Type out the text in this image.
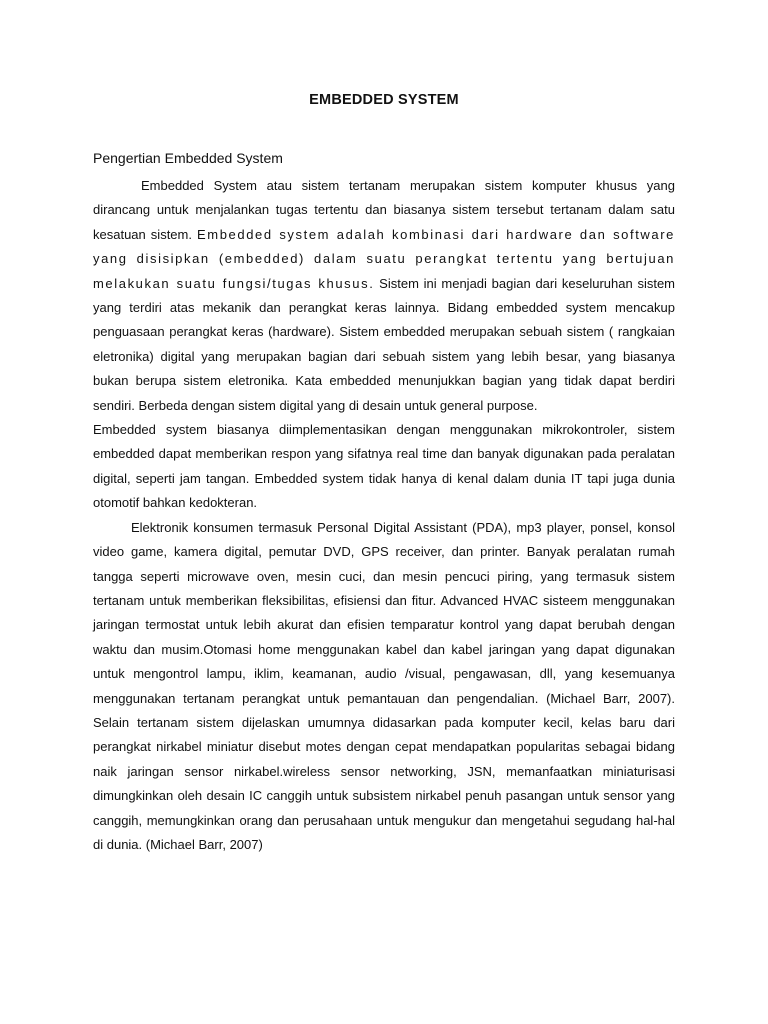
EMBEDDED SYSTEM
Pengertian Embedded System

Embedded System atau sistem tertanam merupakan sistem komputer khusus yang dirancang untuk menjalankan tugas tertentu dan biasanya sistem tersebut tertanam dalam satu kesatuan sistem. Embedded system adalah kombinasi dari hardware dan software yang disisipkan (embedded) dalam suatu perangkat tertentu yang bertujuan melakukan suatu fungsi/tugas khusus. Sistem ini menjadi bagian dari keseluruhan sistem yang terdiri atas mekanik dan perangkat keras lainnya. Bidang embedded system mencakup penguasaan perangkat keras (hardware). Sistem embedded merupakan sebuah sistem ( rangkaian eletronika) digital yang merupakan bagian dari sebuah sistem yang lebih besar, yang biasanya bukan berupa sistem eletronika. Kata embedded menunjukkan bagian yang tidak dapat berdiri sendiri. Berbeda dengan sistem digital yang di desain untuk general purpose.

Embedded system biasanya diimplementasikan dengan menggunakan mikrokontroler, sistem embedded dapat memberikan respon yang sifatnya real time dan banyak digunakan pada peralatan digital, seperti jam tangan. Embedded system tidak hanya di kenal dalam dunia IT tapi juga dunia otomotif bahkan kedokteran.

Elektronik konsumen termasuk Personal Digital Assistant (PDA), mp3 player, ponsel, konsol video game, kamera digital, pemutar DVD, GPS receiver, dan printer. Banyak peralatan rumah tangga seperti microwave oven, mesin cuci, dan mesin pencuci piring, yang termasuk sistem tertanam untuk memberikan fleksibilitas, efisiensi dan fitur. Advanced HVAC sisteem menggunakan jaringan termostat untuk lebih akurat dan efisien temparatur kontrol yang dapat berubah dengan waktu dan musim.Otomasi home menggunakan kabel dan kabel jaringan yang dapat digunakan untuk mengontrol lampu, iklim, keamanan, audio /visual, pengawasan, dll, yang kesemuanya menggunakan tertanam perangkat untuk pemantauan dan pengendalian. (Michael Barr, 2007). Selain tertanam sistem dijelaskan umumnya didasarkan pada komputer kecil, kelas baru dari perangkat nirkabel miniatur disebut motes dengan cepat mendapatkan popularitas sebagai bidang naik jaringan sensor nirkabel.wireless sensor networking, JSN, memanfaatkan miniaturisasi dimungkinkan oleh desain IC canggih untuk subsistem nirkabel penuh pasangan untuk sensor yang canggih, memungkinkan orang dan perusahaan untuk mengukur dan mengetahui segudang hal-hal di dunia. (Michael Barr, 2007)
